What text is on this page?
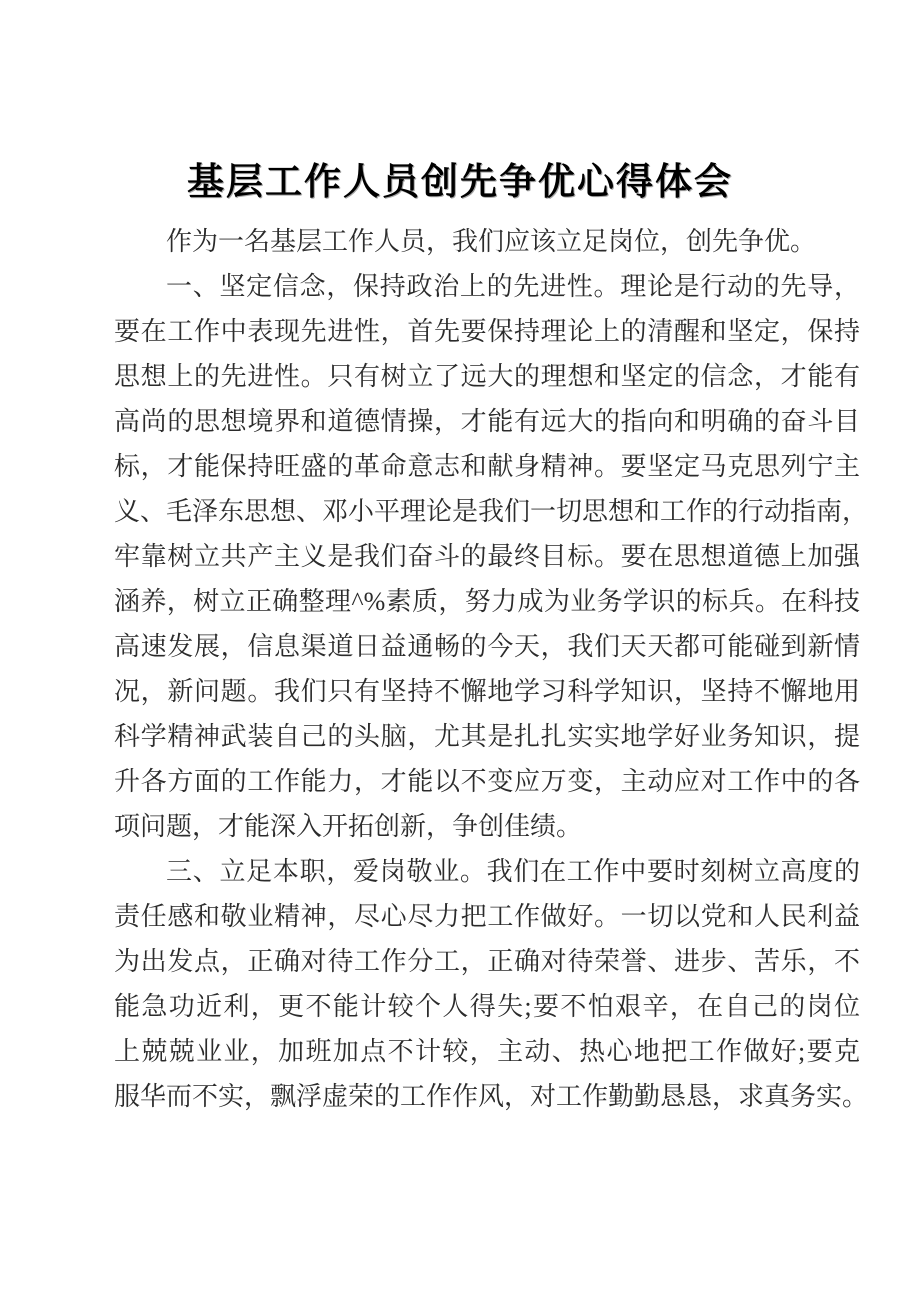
基层工作人员创先争优心得体会
作为一名基层工作人员，我们应该立足岗位，创先争优。
一、坚定信念，保持政治上的先进性。理论是行动的先导，
要在工作中表现先进性，首先要保持理论上的清醒和坚定，保持
思想上的先进性。只有树立了远大的理想和坚定的信念，才能有
高尚的思想境界和道德情操，才能有远大的指向和明确的奋斗目
标，才能保持旺盛的革命意志和献身精神。要坚定马克思列宁主
义、毛泽东思想、邓小平理论是我们一切思想和工作的行动指南，
牢靠树立共产主义是我们奋斗的最终目标。要在思想道德上加强
涵养，树立正确整理^%素质，努力成为业务学识的标兵。在科技
高速发展，信息渠道日益通畅的今天，我们天天都可能碰到新情
况，新问题。我们只有坚持不懈地学习科学知识，坚持不懈地用
科学精神武装自己的头脑，尤其是扎扎实实地学好业务知识，提
升各方面的工作能力，才能以不变应万变，主动应对工作中的各
项问题，才能深入开拓创新，争创佳绩。
三、立足本职，爱岗敬业。我们在工作中要时刻树立高度的
责任感和敬业精神，尽心尽力把工作做好。一切以党和人民利益
为出发点，正确对待工作分工，正确对待荣誉、进步、苦乐，不
能急功近利，更不能计较个人得失;要不怕艰辛，在自己的岗位
上兢兢业业，加班加点不计较，主动、热心地把工作做好;要克
服华而不实，飘浮虚荣的工作作风，对工作勤勤恳恳，求真务实。
